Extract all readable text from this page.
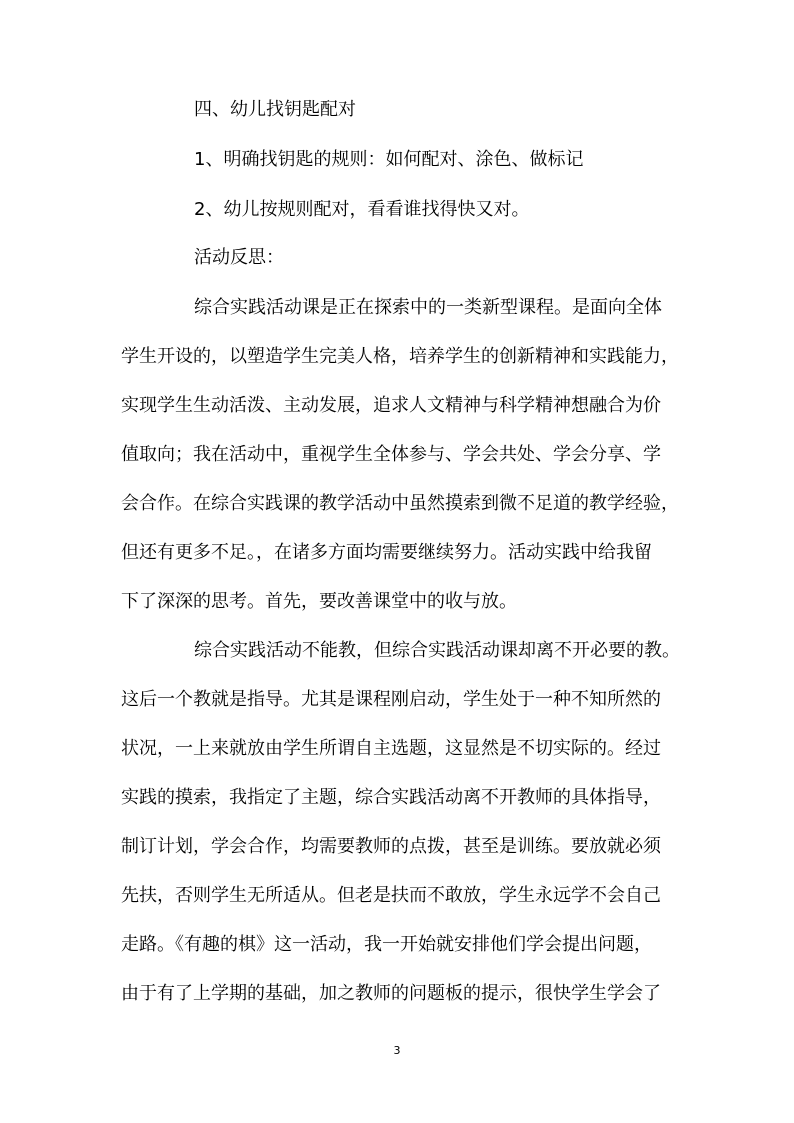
四、幼儿找钥匙配对
1、明确找钥匙的规则：如何配对、涂色、做标记
2、幼儿按规则配对，看看谁找得快又对。
活动反思：
综合实践活动课是正在探索中的一类新型课程。是面向全体
学生开设的，以塑造学生完美人格，培养学生的创新精神和实践能力，
实现学生生动活泼、主动发展，追求人文精神与科学精神想融合为价
值取向；我在活动中，重视学生全体参与、学会共处、学会分享、学
会合作。在综合实践课的教学活动中虽然摸索到微不足道的教学经验，
但还有更多不足。，在诸多方面均需要继续努力。活动实践中给我留
下了深深的思考。首先，要改善课堂中的收与放。
综合实践活动不能教，但综合实践活动课却离不开必要的教。
这后一个教就是指导。尤其是课程刚启动，学生处于一种不知所然的
状况，一上来就放由学生所谓自主选题，这显然是不切实际的。经过
实践的摸索，我指定了主题，综合实践活动离不开教师的具体指导，
制订计划，学会合作，均需要教师的点拨，甚至是训练。要放就必须
先扶，否则学生无所适从。但老是扶而不敢放，学生永远学不会自己
走路。《有趣的棋》这一活动，我一开始就安排他们学会提出问题，
由于有了上学期的基础，加之教师的问题板的提示，很快学生学会了
3
